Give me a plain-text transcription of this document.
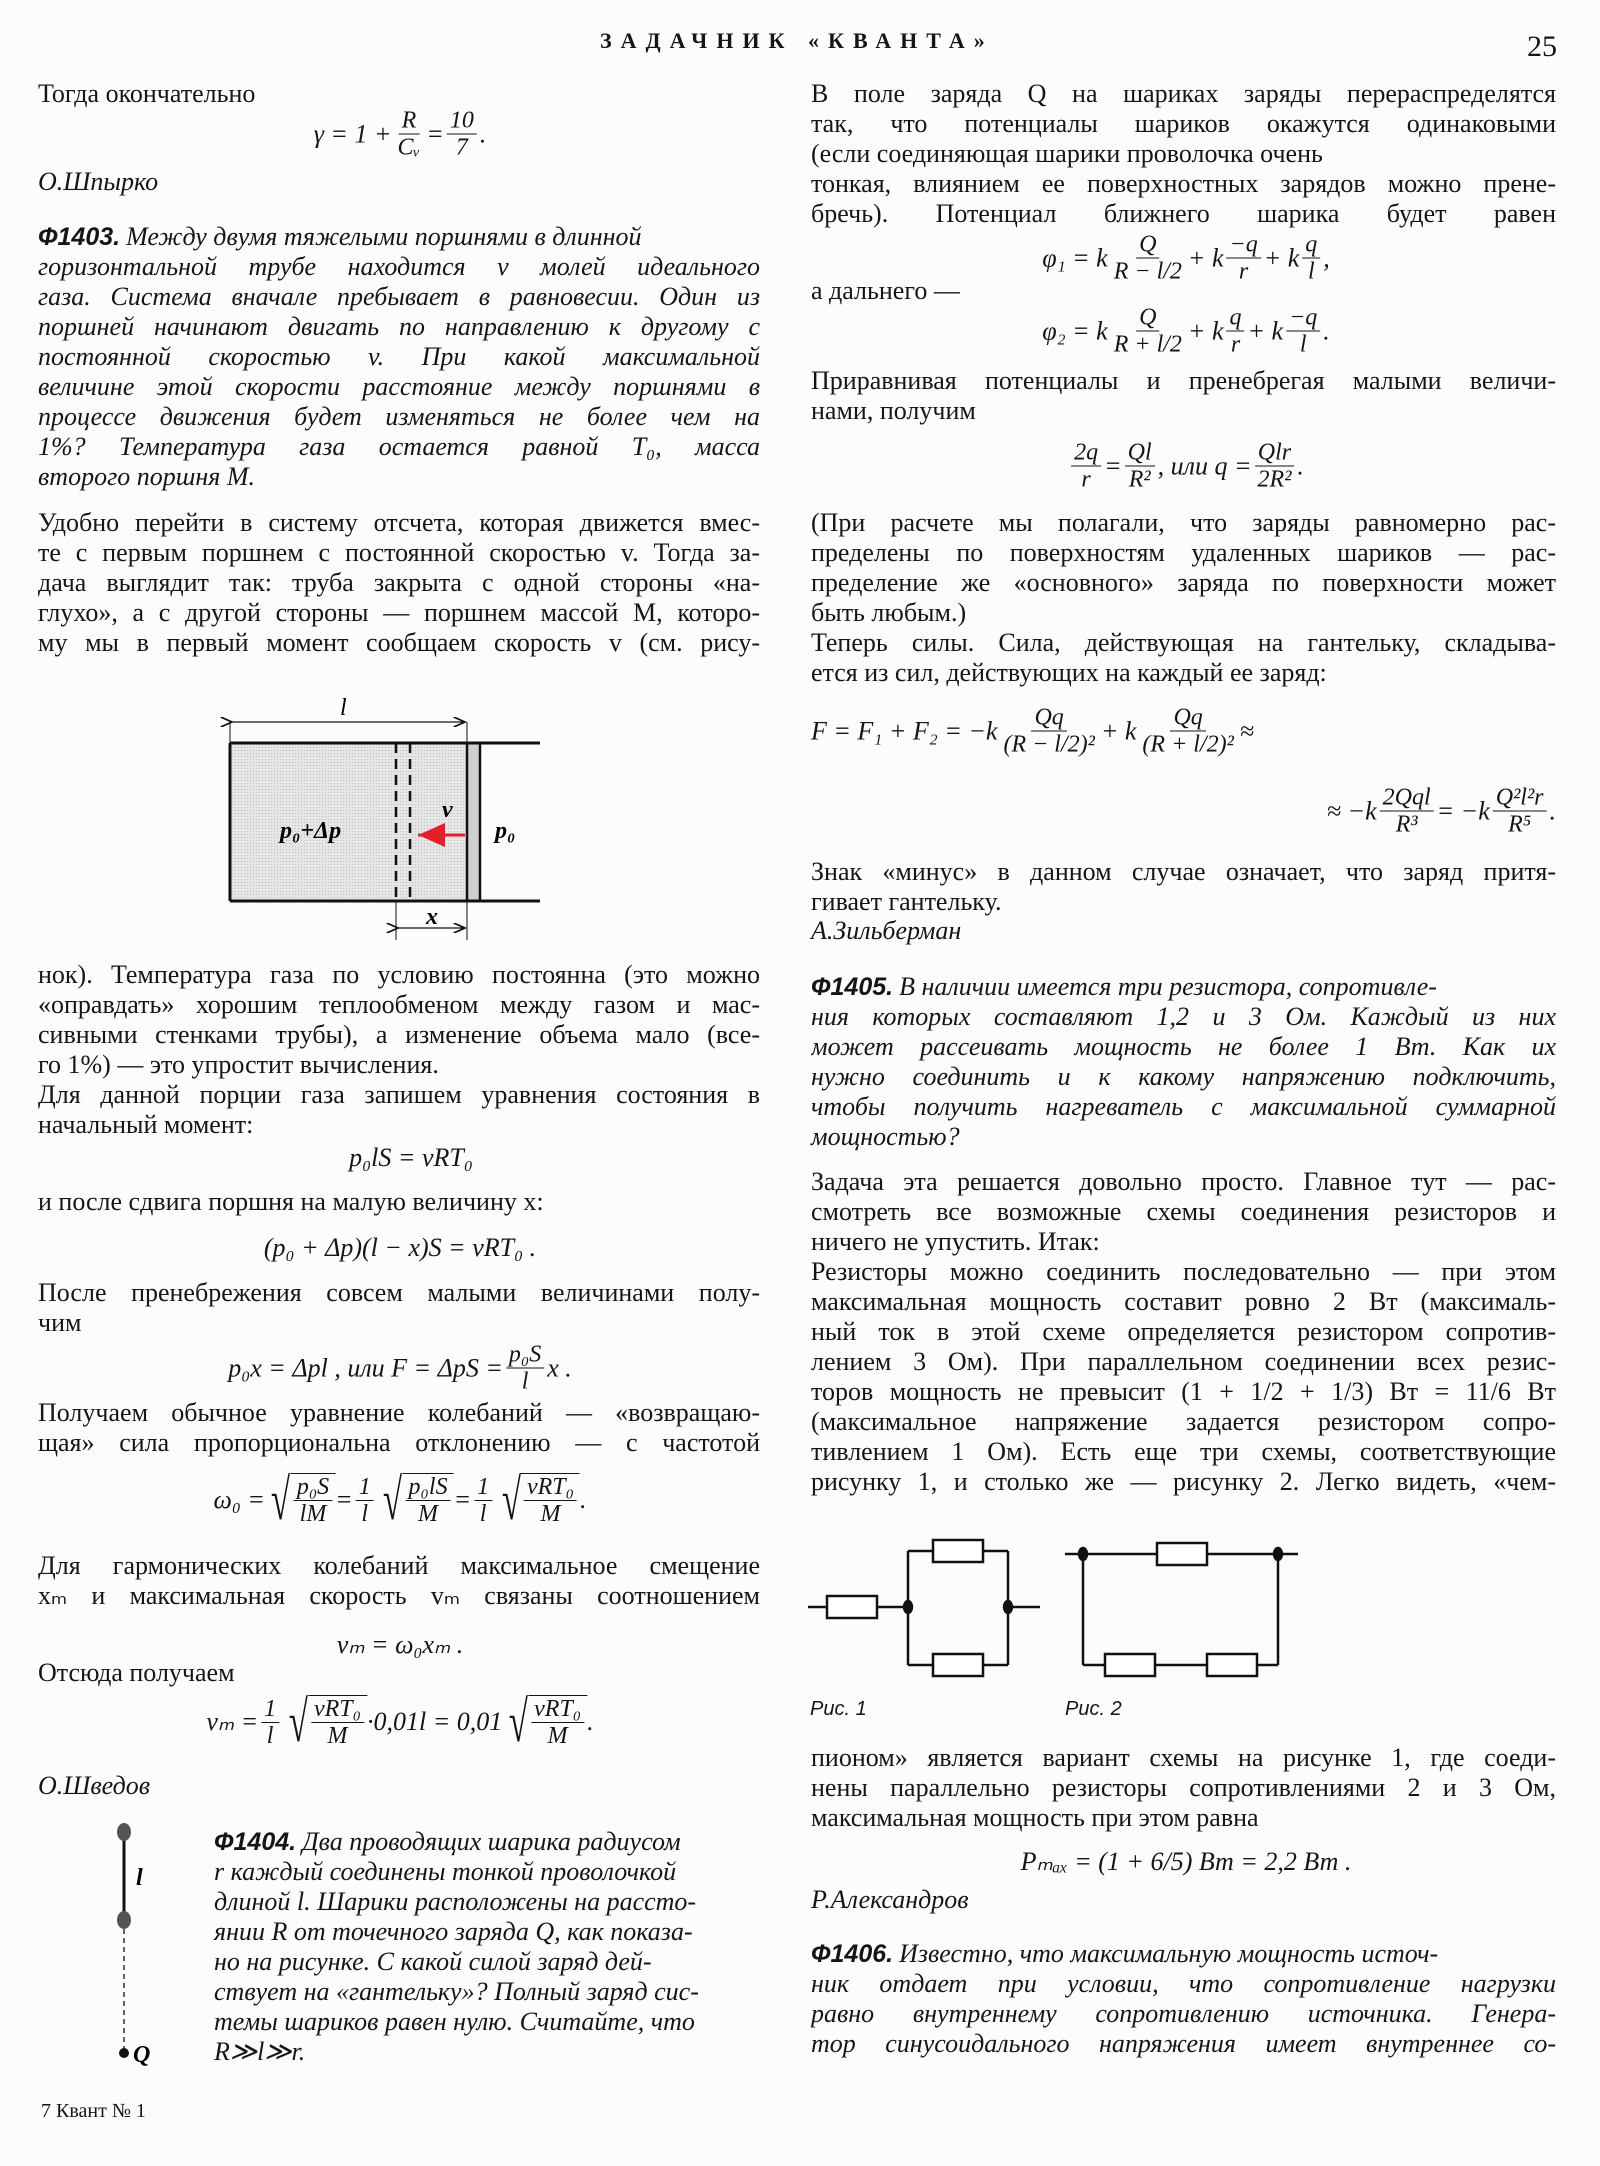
ЗАДАЧНИК «КВАНТА»	25
Тогда окончательно
$\gamma = 1 + \frac{R}{\text{Cᵥ}} = \frac{10}{7}$ .
О.Шпырко
Ф1403. Между двумя тяжелыми поршнями в длинной
горизонтальной трубе находится ν молей идеального
газа. Система вначале пребывает в равновесии. Один из
поршней начинают двигать по направлению к другому с
постоянной скоростью v. При какой максимальной
величине этой скорости расстояние между поршнями в
процессе движения будет изменяться не более чем на
1%? Температура газа остается равной T₀, масса
второго поршня M.
Удобно перейти в систему отсчета, которая движется вмес-
те с первым поршнем с постоянной скоростью v. Тогда за-
дача выглядит так: труба закрыта с одной стороны «на-
глухо», а с другой стороны — поршнем массой M, которо-
му мы в первый момент сообщаем скорость v (см. рису-
l
p₀+Δp
v
p₀
x
нок). Температура газа по условию постоянна (это можно
«оправдать» хорошим теплообменом между газом и мас-
сивными стенками трубы), а изменение объема мало (все-
го 1%) — это упростит вычисления.
Для данной порции газа запишем уравнения состояния в
начальный момент:
p₀lS = νRT₀
и после сдвига поршня на малую величину x:
(p₀ + Δp)(l − x)S = νRT₀ .
После пренебрежения совсем малыми величинами полу-
чим
p₀x = Δpl , или $F = \Delta pS = \frac{\text{p₀S}}{l}$ x .
Получаем обычное уравнение колебаний — «возвращаю-
щая» сила пропорциональна отклонению — с частотой
ω₀ = √ p₀S
lM = $\frac{1}{l}$ √ p₀lS
$M = \frac{1}{l}$ √ νRT₀
M .
Для гармонических колебаний максимальное смещение
xₘ и максимальная скорость vₘ связаны соотношением
vₘ = ω₀xₘ .
Отсюда получаем
$v_m = \frac{1}{l}$ √ νRT₀
M ·0,01l = 0,01 √ νRT₀
M .
О.Шведов
l
Q
Ф1404. Два проводящих шарика радиусом
r каждый соединены тонкой проволочкой
длиной l. Шарики расположены на рассто-
янии R от точечного заряда Q, как показа-
но на рисунке. С какой силой заряд дей-
ствует на «гантельку»? Полный заряд сис-
темы шариков равен нулю. Считайте, что
R≫l≫r.
7 Квант № 1
В поле заряда Q на шариках заряды перераспределятся
так, что потенциалы шариков окажутся одинаковыми
(если соединяющая шарики проволочка очень
тонкая, влиянием ее поверхностных зарядов можно прене-
бречь). Потенциал ближнего шарика будет равен
φ₁ = k Q
R − l/2 + k −q
r + k q
l ,
а дальнего —
φ₂ = k Q
R + l/2 + k q
r + k −q
l .
Приравнивая потенциалы и пренебрегая малыми величи-
нами, получим
$\frac{2q}{r} = \frac{Ql}{\text{R²}}$ , или q = Qlr
2R² .
(При расчете мы полагали, что заряды равномерно рас-
пределены по поверхностям удаленных шариков — рас-
пределение же «основного» заряда по поверхности может
быть любым.)
Теперь силы. Сила, действующая на гантельку, складыва-
ется из сил, действующих на каждый ее заряд:
F = F₁ + F₂ = −k Qq
(R − l/2)² + k $\frac{Qq}{\text{(R + l/2)²}}$ ≈
≈ −k 2Qql
R³ = −k Q²l²r
R⁵ .
Знак «минус» в данном случае означает, что заряд притя-
гивает гантельку.
А.Зильберман
Ф1405. В наличии имеется три резистора, сопротивле-
ния которых составляют 1,2 и 3 Ом. Каждый из них
может рассеивать мощность не более 1 Вт. Как их
нужно соединить и к какому напряжению подключить,
чтобы получить нагреватель с максимальной суммарной
мощностью?
Задача эта решается довольно просто. Главное тут — рас-
смотреть все возможные схемы соединения резисторов и
ничего не упустить. Итак:
Резисторы можно соединить последовательно — при этом
максимальная мощность составит ровно 2 Вт (максималь-
ный ток в этой схеме определяется резистором сопротив-
лением 3 Ом). При параллельном соединении всех резис-
торов мощность не превысит (1 + 1/2 + 1/3) Вт = 11/6 Вт
(максимальное напряжение задается резистором сопро-
тивлением 1 Ом). Есть еще три схемы, соответствующие
рисунку 1, и столько же — рисунку 2. Легко видеть, «чем-
Рис. 1	Рис. 2
пионом» является вариант схемы на рисунке 1, где соеди-
нены параллельно резисторы сопротивлениями 2 и 3 Ом,
максимальная мощность при этом равна
Pₘₐₓ = (1 + 6/5) Вт = 2,2 Вт .
Р.Александров
Ф1406. Известно, что максимальную мощность источ-
ник отдает при условии, что сопротивление нагрузки
равно внутреннему сопротивлению источника. Генера-
тор синусоидального напряжения имеет внутреннее со-
